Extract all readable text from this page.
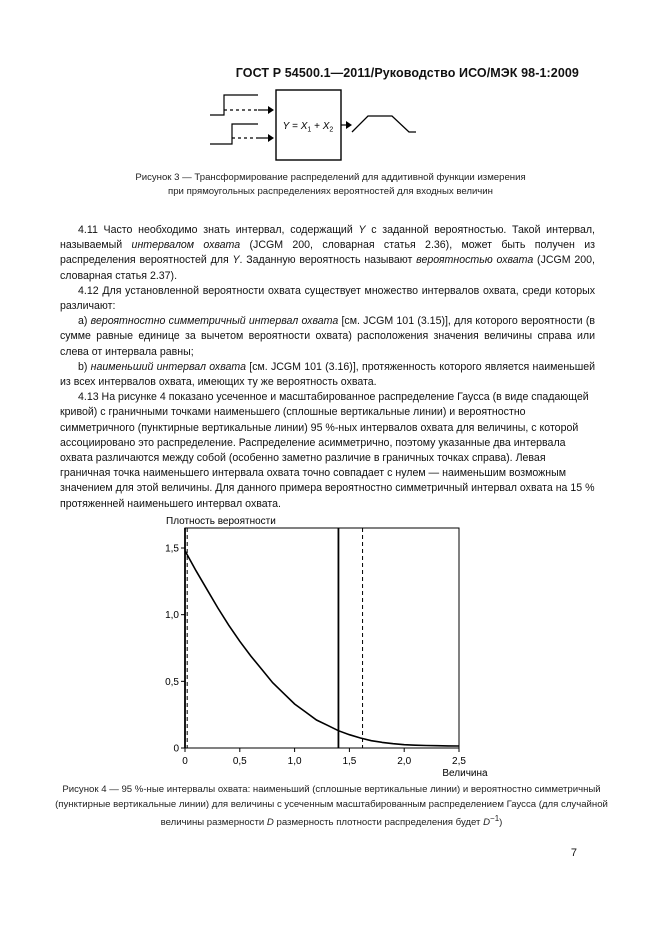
ГОСТ Р 54500.1—2011/Руководство ИСО/МЭК 98-1:2009
$Y = X_1 + X_2$
Рисунок 3 — Трансформирование распределений для аддитивной функции измерения
при прямоугольных распределениях вероятностей для входных величин

4.11 Часто необходимо знать интервал, содержащий Y с заданной вероятностью. Такой интервал, называемый интервалом охвата (JCGM 200, словарная статья 2.36), может быть получен из распределения вероятностей для Y. Заданную вероятность называют вероятностью охвата (JCGM 200, словарная статья 2.37).

4.12 Для установленной вероятности охвата существует множество интервалов охвата, среди которых различают:

a) вероятностно симметричный интервал охвата [см. JCGM 101 (3.15)], для которого вероятности (в сумме равные единице за вычетом вероятности охвата) расположения значения величины справа или слева от интервала равны;

b) наименьший интервал охвата [см. JCGM 101 (3.16)], протяженность которого является наименьшей из всех интервалов охвата, имеющих ту же вероятность охвата.

4.13 На рисунке 4 показано усеченное и масштабированное распределение Гаусса (в виде спадающей кривой) с граничными точками наименьшего (сплошные вертикальные линии) и вероятностно симметричного (пунктирные вертикальные линии) 95 %-ных интервалов охвата для величины, с которой ассоциировано это распределение. Распределение асимметрично, поэтому указанные два интервала охвата различаются между собой (особенно заметно различие в граничных точках справа). Левая граничная точка наименьшего интервала охвата точно совпадает с нулем — наименьшим возможным значением для этой величины. Для данного примера вероятностно симметричный интервал охвата на 15 % протяженней наименьшего интервал охвата.

Плотность вероятности
Величина
0
0,5
1,0
1,5
0	0,5	1,0	1,5	2,0	2,5
Рисунок 4 — 95 %-ные интервалы охвата: наименьший (сплошные вертикальные линии) и вероятностно симметричный (пунктирные вертикальные линии) для величины с усеченным масштабированным распределением Гаусса (для случайной величины размерности D размерность плотности распределения будет $D^{-1}$)
7
